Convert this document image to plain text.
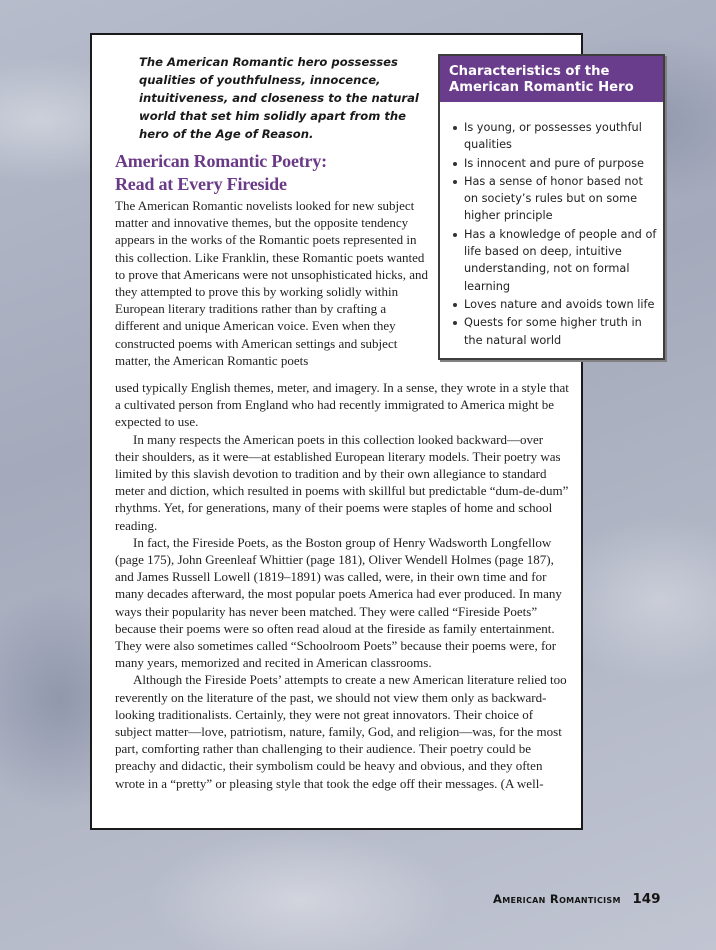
The American Romantic hero possesses qualities of youthfulness, innocence, intuitiveness, and closeness to the natural world that set him solidly apart from the hero of the Age of Reason.
American Romantic Poetry:
Read at Every Fireside
Characteristics of the
American Romantic Hero
Is young, or possesses youthful qualities
Is innocent and pure of purpose
Has a sense of honor based not on society’s rules but on some higher principle
Has a knowledge of people and of life based on deep, intuitive understanding, not on formal learning
Loves nature and avoids town life
Quests for some higher truth in the natural world

The American Romantic novelists looked for new subject matter and innovative themes, but the opposite tendency appears in the works of the Romantic poets represented in this collection. Like Franklin, these Romantic poets wanted to prove that Americans were not unsophisticated hicks, and they attempted to prove this by working solidly within European literary traditions rather than by crafting a different and unique American voice. Even when they constructed poems with American settings and subject matter, the American Romantic poets

used typically English themes, meter, and imagery. In a sense, they wrote in a style that a cultivated person from England who had recently immigrated to America might be expected to use.

In many respects the American poets in this collection looked backward—over their shoulders, as it were—at established European literary models. Their poetry was limited by this slavish devotion to tradition and by their own allegiance to standard meter and diction, which resulted in poems with skillful but predictable “dum-de-dum” rhythms. Yet, for generations, many of their poems were staples of home and school reading.

In fact, the Fireside Poets, as the Boston group of Henry Wadsworth Longfellow (page 175), John Greenleaf Whittier (page 181), Oliver Wendell Holmes (page 187), and James Russell Lowell (1819–1891) was called, were, in their own time and for many decades afterward, the most popular poets America had ever produced. In many ways their popularity has never been matched. They were called “Fireside Poets” because their poems were so often read aloud at the fireside as family entertainment. They were also sometimes called “Schoolroom Poets” because their poems were, for many years, memorized and recited in American classrooms.

Although the Fireside Poets’ attempts to create a new American literature relied too reverently on the literature of the past, we should not view them only as backward-looking traditionalists. Certainly, they were not great innovators. Their choice of subject matter—love, patriotism, nature, family, God, and religion—was, for the most part, comforting rather than challenging to their audience. Their poetry could be preachy and didactic, their symbolism could be heavy and obvious, and they often wrote in a “pretty” or pleasing style that took the edge off their messages. (A well-

American Romanticism 149
